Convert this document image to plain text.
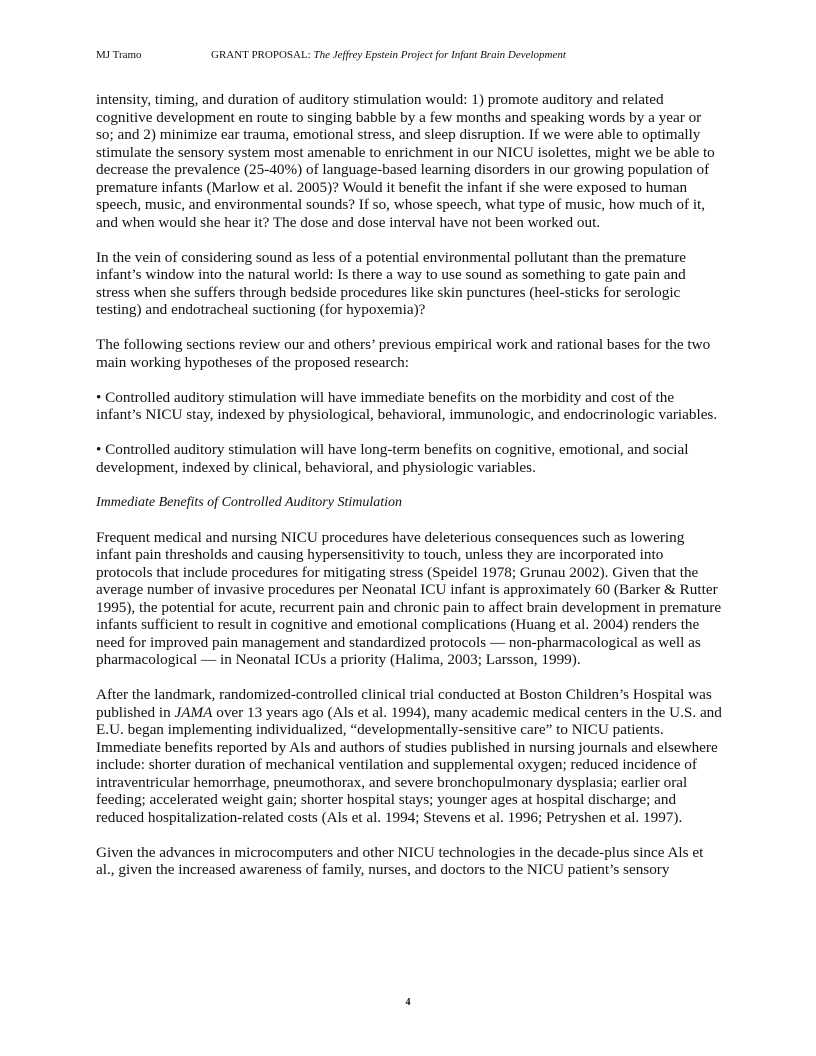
MJ Tramo	GRANT PROPOSAL: The Jeffrey Epstein Project for Infant Brain Development

intensity, timing, and duration of auditory stimulation would: 1) promote auditory and related cognitive development en route to singing babble by a few months and speaking words by a year or so; and 2) minimize ear trauma, emotional stress, and sleep disruption. If we were able to optimally stimulate the sensory system most amenable to enrichment in our NICU isolettes, might we be able to decrease the prevalence (25-40%) of language-based learning disorders in our growing population of premature infants (Marlow et al. 2005)? Would it benefit the infant if she were exposed to human speech, music, and environmental sounds? If so, whose speech, what type of music, how much of it, and when would she hear it? The dose and dose interval have not been worked out.

In the vein of considering sound as less of a potential environmental pollutant than the premature infant’s window into the natural world: Is there a way to use sound as something to gate pain and stress when she suffers through bedside procedures like skin punctures (heel-sticks for serologic testing) and endotracheal suctioning (for hypoxemia)?

The following sections review our and others’ previous empirical work and rational bases for the two main working hypotheses of the proposed research:

• Controlled auditory stimulation will have immediate benefits on the morbidity and cost of the infant’s NICU stay, indexed by physiological, behavioral, immunologic, and endocrinologic variables.

• Controlled auditory stimulation will have long-term benefits on cognitive, emotional, and social development, indexed by clinical, behavioral, and physiologic variables.

Immediate Benefits of Controlled Auditory Stimulation

Frequent medical and nursing NICU procedures have deleterious consequences such as lowering infant pain thresholds and causing hypersensitivity to touch, unless they are incorporated into protocols that include procedures for mitigating stress (Speidel 1978; Grunau 2002). Given that the average number of invasive procedures per Neonatal ICU infant is approximately 60 (Barker & Rutter 1995), the potential for acute, recurrent pain and chronic pain to affect brain development in premature infants sufficient to result in cognitive and emotional complications (Huang et al. 2004) renders the need for improved pain management and standardized protocols — non-pharmacological as well as pharmacological — in Neonatal ICUs a priority (Halima, 2003; Larsson, 1999).

After the landmark, randomized-controlled clinical trial conducted at Boston Children’s Hospital was published in JAMA over 13 years ago (Als et al. 1994), many academic medical centers in the U.S. and E.U. began implementing individualized, “developmentally-sensitive care” to NICU patients. Immediate benefits reported by Als and authors of studies published in nursing journals and elsewhere include: shorter duration of mechanical ventilation and supplemental oxygen; reduced incidence of intraventricular hemorrhage, pneumothorax, and severe bronchopulmonary dysplasia; earlier oral feeding; accelerated weight gain; shorter hospital stays; younger ages at hospital discharge; and reduced hospitalization-related costs (Als et al. 1994; Stevens et al. 1996; Petryshen et al. 1997).

Given the advances in microcomputers and other NICU technologies in the decade-plus since Als et al., given the increased awareness of family, nurses, and doctors to the NICU patient’s sensory

4
